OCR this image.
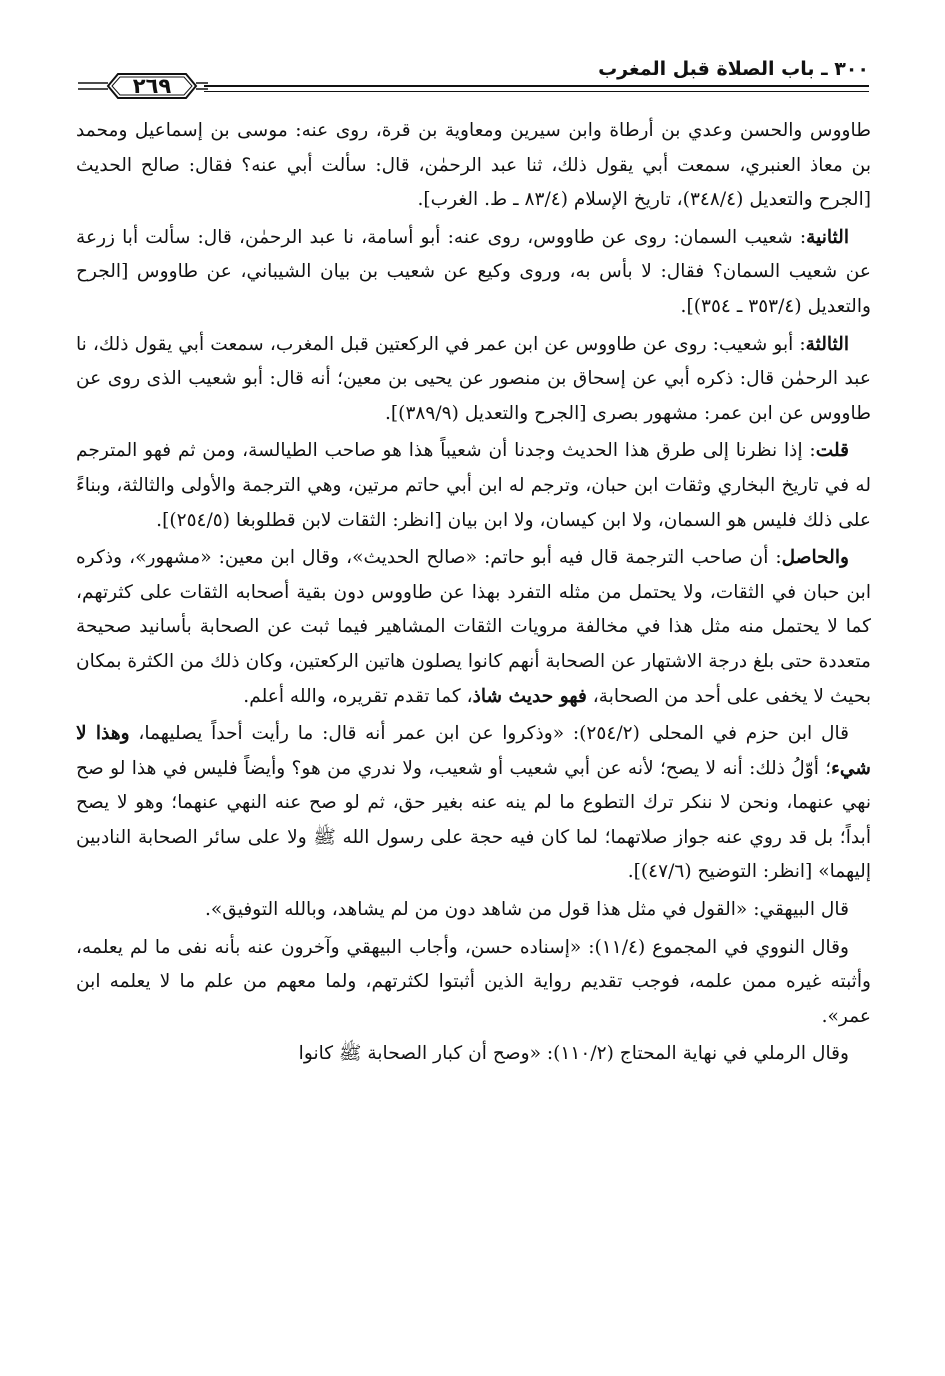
٣٠٠ ـ باب الصلاة قبل المغرب
٢٦٩

طاووس والحسن وعدي بن أرطاة وابن سيرين ومعاوية بن قرة، روى عنه: موسى بن إسماعيل ومحمد بن معاذ العنبري، سمعت أبي يقول ذلك، ثنا عبد الرحمٰن، قال: سألت أبي عنه؟ فقال: صالح الحديث [الجرح والتعديل (٣٤٨/٤)، تاريخ الإسلام (٨٣/٤ ـ ط. الغرب].

الثانية: شعيب السمان: روى عن طاووس، روى عنه: أبو أسامة، نا عبد الرحمٰن، قال: سألت أبا زرعة عن شعيب السمان؟ فقال: لا بأس به، وروى وكيع عن شعيب بن بيان الشيباني، عن طاووس [الجرح والتعديل (٣٥٣/٤ ـ ٣٥٤)].

الثالثة: أبو شعيب: روى عن طاووس عن ابن عمر في الركعتين قبل المغرب، سمعت أبي يقول ذلك، نا عبد الرحمٰن قال: ذكره أبي عن إسحاق بن منصور عن يحيى بن معين؛ أنه قال: أبو شعيب الذى روى عن طاووس عن ابن عمر: مشهور بصرى [الجرح والتعديل (٣٨٩/٩)].

قلت: إذا نظرنا إلى طرق هذا الحديث وجدنا أن شعيباً هذا هو صاحب الطيالسة، ومن ثم فهو المترجم له في تاريخ البخاري وثقات ابن حبان، وترجم له ابن أبي حاتم مرتين، وهي الترجمة والأولى والثالثة، وبناءً على ذلك فليس هو السمان، ولا ابن كيسان، ولا ابن بيان [انظر: الثقات لابن قطلوبغا (٢٥٤/٥)].

والحاصل: أن صاحب الترجمة قال فيه أبو حاتم: «صالح الحديث»، وقال ابن معين: «مشهور»، وذكره ابن حبان في الثقات، ولا يحتمل من مثله التفرد بهذا عن طاووس دون بقية أصحابه الثقات على كثرتهم، كما لا يحتمل منه مثل هذا في مخالفة مرويات الثقات المشاهير فيما ثبت عن الصحابة بأسانيد صحيحة متعددة حتى بلغ درجة الاشتهار عن الصحابة أنهم كانوا يصلون هاتين الركعتين، وكان ذلك من الكثرة بمكان بحيث لا يخفى على أحد من الصحابة، فهو حديث شاذ، كما تقدم تقريره، والله أعلم.

قال ابن حزم في المحلى (٢٥٤/٢): «وذكروا عن ابن عمر أنه قال: ما رأيت أحداً يصليهما، وهذا لا شيء؛ أوّلُ ذلك: أنه لا يصح؛ لأنه عن أبي شعيب أو شعيب، ولا ندري من هو؟ وأيضاً فليس في هذا لو صح نهي عنهما، ونحن لا ننكر ترك التطوع ما لم ينه عنه بغير حق، ثم لو صح عنه النهي عنهما؛ وهو لا يصح أبداً؛ بل قد روي عنه جواز صلاتهما؛ لما كان فيه حجة على رسول الله ﷺ ولا على سائر الصحابة النادبين إليهما» [انظر: التوضيح (٤٧/٦)].

قال البيهقي: «القول في مثل هذا قول من شاهد دون من لم يشاهد، وبالله التوفيق».

وقال النووي في المجموع (١١/٤): «إسناده حسن، وأجاب البيهقي وآخرون عنه بأنه نفى ما لم يعلمه، وأثبته غيره ممن علمه، فوجب تقديم رواية الذين أثبتوا لكثرتهم، ولما معهم من علم ما لا يعلمه ابن عمر».

وقال الرملي في نهاية المحتاج (١١٠/٢): «وصح أن كبار الصحابة ﷺ كانوا
